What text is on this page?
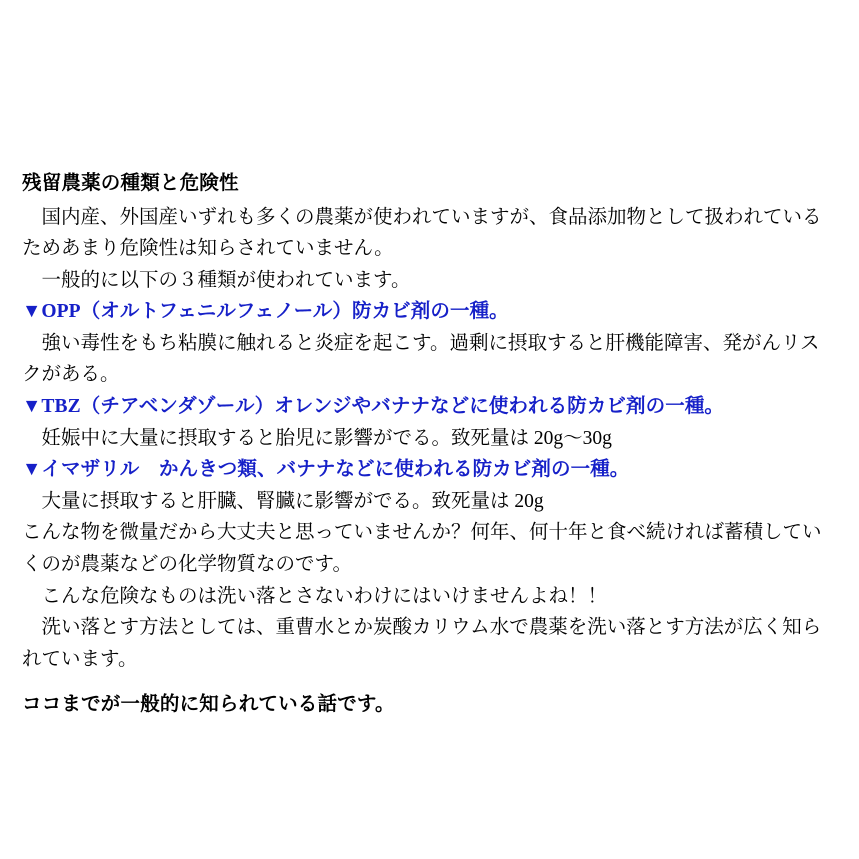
残留農薬の種類と危険性

国内産、外国産いずれも多くの農薬が使われていますが、食品添加物として扱われているためあまり危険性は知らされていません。

一般的に以下の３種類が使われています。

▼OPP（オルトフェニルフェノール）防カビ剤の一種。

強い毒性をもち粘膜に触れると炎症を起こす。過剰に摂取すると肝機能障害、発がんリスクがある。

▼TBZ（チアベンダゾール）オレンジやバナナなどに使われる防カビ剤の一種。

妊娠中に大量に摂取すると胎児に影響がでる。致死量は 20g～30g

▼イマザリル　かんきつ類、バナナなどに使われる防カビ剤の一種。

大量に摂取すると肝臓、腎臓に影響がでる。致死量は 20g

こんな物を微量だから大丈夫と思っていませんか？何年、何十年と食べ続ければ蓄積していくのが農薬などの化学物質なのです。

こんな危険なものは洗い落とさないわけにはいけませんよね！！

洗い落とす方法としては、重曹水とか炭酸カリウム水で農薬を洗い落とす方法が広く知られています。

ココまでが一般的に知られている話です。
